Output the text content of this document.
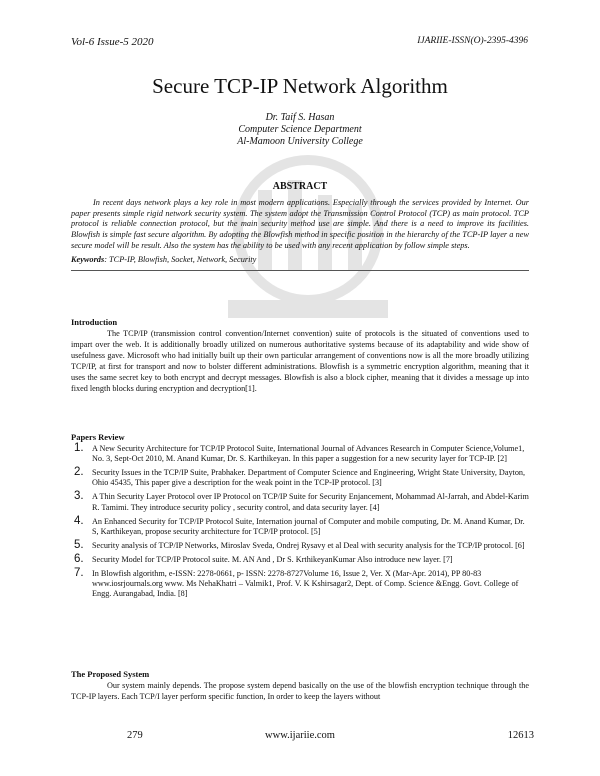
Vol-6 Issue-5 2020	IJARIIE-ISSN(O)-2395-4396
Secure TCP-IP Network Algorithm
Dr. Taif S. Hasan
Computer Science Department
Al-Mamoon University College
ABSTRACT
In recent days network plays a key role in most modern applications. Especially through the services provided by Internet. Our paper presents simple rigid network security system. The system adopt the Transmission Control Protocol (TCP) as main protocol. TCP protocol is reliable connection protocol, but the main security method use are simple. And there is a need to improve its facilities. Blowfish is simple fast secure algorithm. By adopting the Blowfish method in specific position in the hierarchy of the TCP-IP layer a new secure model will be result. Also the system has the ability to be used with any recent application by follow simple steps.
Keywords: TCP-IP, Blowfish, Socket, Network, Security
Introduction
The TCP/IP (transmission control convention/Internet convention) suite of protocols is the situated of conventions used to impart over the web. It is additionally broadly utilized on numerous authoritative systems because of its adaptability and wide show of usefulness gave. Microsoft who had initially built up their own particular arrangement of conventions now is all the more broadly utilizing TCP/IP, at first for transport and now to bolster different administrations. Blowfish is a symmetric encryption algorithm, meaning that it uses the same secret key to both encrypt and decrypt messages. Blowfish is also a block cipher, meaning that it divides a message up into fixed length blocks during encryption and decryption[1].
Papers Review
1. A New Security Architecture for TCP/IP Protocol Suite, International Journal of Advances Research in Computer Science,Volume1, No. 3, Sept-Oct 2010, M. Anand Kumar, Dr. S. Karthikeyan. In this paper a suggestion for a new security layer for TCP-IP. [2]
2. Security Issues in the TCP/IP Suite, Prabhaker. Department of Computer Science and Engineering, Wright State University, Dayton, Ohio 45435, This paper give a description for the weak point in the TCP-IP protocol. [3]
3. A Thin Security Layer Protocol over IP Protocol on TCP/IP Suite for Security Enjancement, Mohammad Al-Jarrah, and Abdel-Karim R. Tamimi. They introduce security policy , security control, and data security layer. [4]
4. An Enhanced Security for TCP/IP Protocol Suite, Internation journal of Computer and mobile computing, Dr. M. Anand Kumar, Dr. S, Karthikeyan, propose security architecture for TCP/IP protocol. [5]
5. Security analysis of TCP/IP Networks, Miroslav Sveda, Ondrej Rysavy et al Deal with security analysis for the TCP/IP protocol. [6]
6. Security Model for TCP/IP Protocol suite. M. AN And , Dr S. KrthikeyanKumar Also introduce new layer. [7]
7. In Blowfish algorithm, e-ISSN: 2278-0661, p- ISSN: 2278-8727Volume 16, Issue 2, Ver. X (Mar-Apr. 2014), PP 80-83 www.iosrjournals.org www. Ms NehaKhatri – Valmik1, Prof. V. K Kshirsagar2, Dept. of Comp. Science &Engg. Govt. College of Engg. Aurangabad, India. [8]
The Proposed System
Our system mainly depends. The propose system depend basically on the use of the blowfish encryption technique through the TCP-IP layers. Each TCP/I layer perform specific function, In order to keep the layers without
279	www.ijariie.com	12613
